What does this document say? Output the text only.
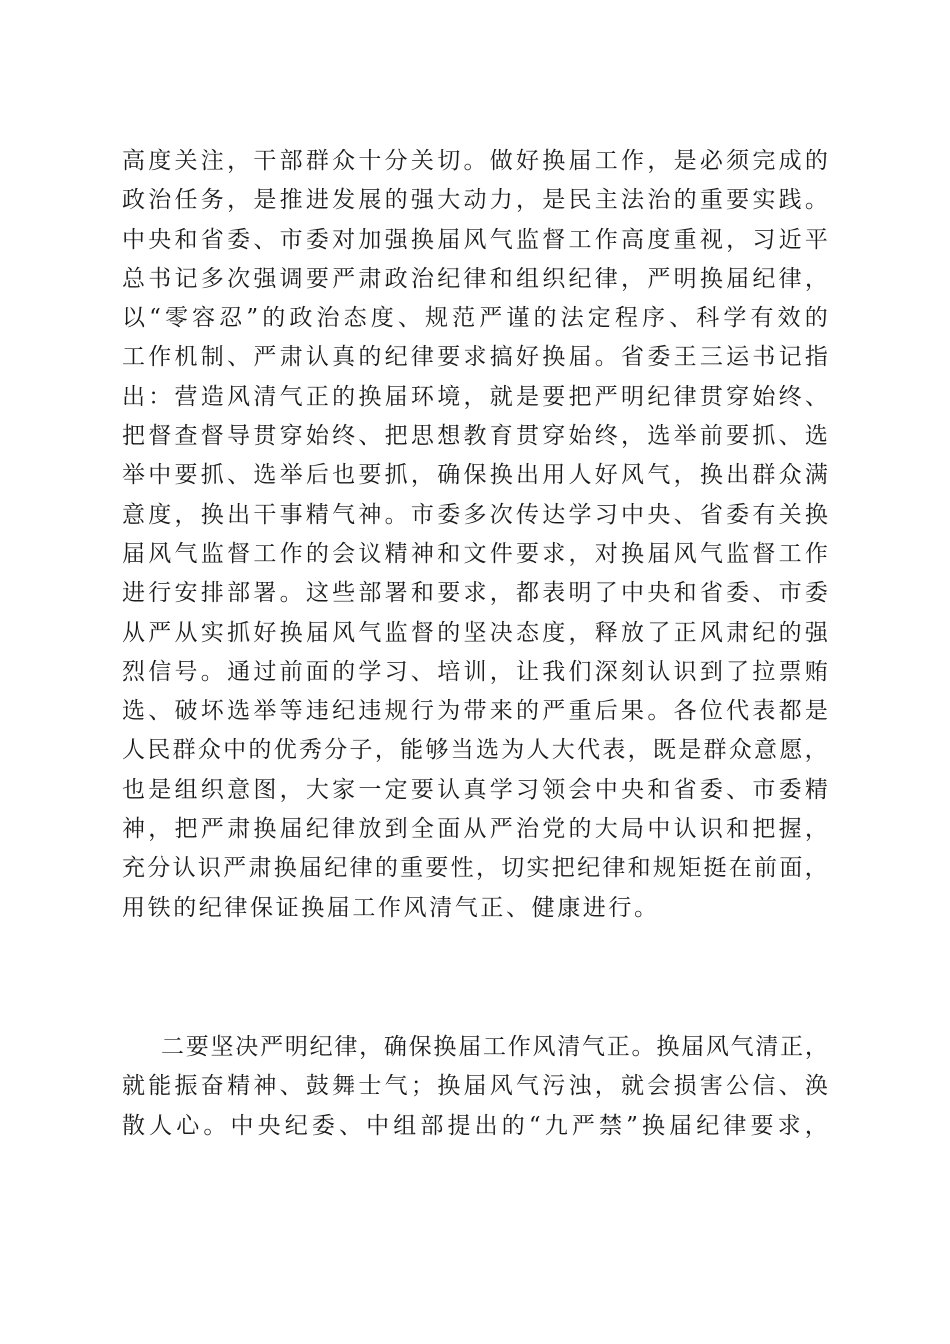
高 度 关 注 ， 干 部 群 众 十 分 关 切 。 做 好 换 届 工 作 ， 是 必 须 完 成 的
政 治 任 务 ， 是 推 进 发 展 的 强 大 动 力 ， 是 民 主 法 治 的 重 要 实 践 。
中 央 和 省 委 、 市 委 对 加 强 换 届 风 气 监 督 工 作 高 度 重 视 ， 习 近 平
总 书 记 多 次 强 调 要 严 肃 政 治 纪 律 和 组 织 纪 律 ， 严 明 换 届 纪 律 ，
以 “ 零 容 忍 ” 的 政 治 态 度 、 规 范 严 谨 的 法 定 程 序 、 科 学 有 效 的
工 作 机 制 、 严 肃 认 真 的 纪 律 要 求 搞 好 换 届 。 省 委 王 三 运 书 记 指
出 ： 营 造 风 清 气 正 的 换 届 环 境 ， 就 是 要 把 严 明 纪 律 贯 穿 始 终 、
把 督 查 督 导 贯 穿 始 终 、 把 思 想 教 育 贯 穿 始 终 ， 选 举 前 要 抓 、 选
举 中 要 抓 、 选 举 后 也 要 抓 ， 确 保 换 出 用 人 好 风 气 ， 换 出 群 众 满
意 度 ， 换 出 干 事 精 气 神 。 市 委 多 次 传 达 学 习 中 央 、 省 委 有 关 换
届 风 气 监 督 工 作 的 会 议 精 神 和 文 件 要 求 ， 对 换 届 风 气 监 督 工 作
进 行 安 排 部 署 。 这 些 部 署 和 要 求 ， 都 表 明 了 中 央 和 省 委 、 市 委
从 严 从 实 抓 好 换 届 风 气 监 督 的 坚 决 态 度 ， 释 放 了 正 风 肃 纪 的 强
烈 信 号 。 通 过 前 面 的 学 习 、 培 训 ， 让 我 们 深 刻 认 识 到 了 拉 票 贿
选 、 破 坏 选 举 等 违 纪 违 规 行 为 带 来 的 严 重 后 果 。 各 位 代 表 都 是
人 民 群 众 中 的 优 秀 分 子 ， 能 够 当 选 为 人 大 代 表 ， 既 是 群 众 意 愿 ，
也 是 组 织 意 图 ， 大 家 一 定 要 认 真 学 习 领 会 中 央 和 省 委 、 市 委 精
神 ， 把 严 肃 换 届 纪 律 放 到 全 面 从 严 治 党 的 大 局 中 认 识 和 把 握 ，
充 分 认 识 严 肃 换 届 纪 律 的 重 要 性 ， 切 实 把 纪 律 和 规 矩 挺 在 前 面 ，
用铁的纪律保证换届工作风清气正、健康进行。
二 要 坚 决 严 明 纪 律 ， 确 保 换 届 工 作 风 清 气 正 。 换 届 风 气 清 正 ，
就 能 振 奋 精 神 、 鼓 舞 士 气 ； 换 届 风 气 污 浊 ， 就 会 损 害 公 信 、 涣
散 人 心 。 中 央 纪 委 、 中 组 部 提 出 的 “ 九 严 禁 ” 换 届 纪 律 要 求 ，
